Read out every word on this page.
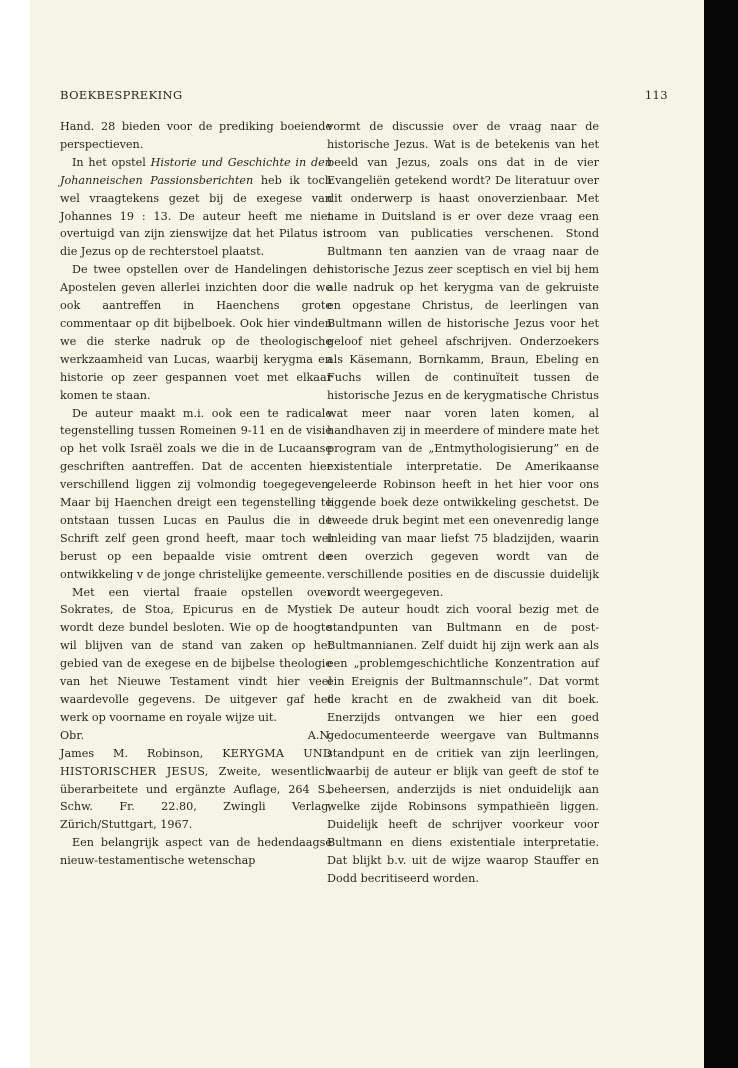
BOEKBESPREKING	113

Hand. 28 bieden voor de prediking boeiende perspectieven.

In het opstel Historie und Geschichte in den Johanneischen Passionsberichten heb ik toch wel vraagtekens gezet bij de exegese van Johannes 19 : 13. De auteur heeft me niet overtuigd van zijn zienswijze dat het Pilatus is die Jezus op de rechterstoel plaatst.

De twee opstellen over de Handelingen der Apostelen geven allerlei inzichten door die we ook aantreffen in Haenchens grote commentaar op dit bijbelboek. Ook hier vinden we die sterke nadruk op de theologische werkzaamheid van Lucas, waarbij kerygma en historie op zeer gespannen voet met elkaar komen te staan.

De auteur maakt m.i. ook een te radicale tegenstelling tussen Romeinen 9-11 en de visie op het volk Israël zoals we die in de Lucaanse geschriften aantreffen. Dat de accenten hier verschillend liggen zij volmondig toegegeven. Maar bij Haenchen dreigt een tegenstelling te ontstaan tussen Lucas en Paulus die in de Schrift zelf geen grond heeft, maar toch wel berust op een bepaalde visie omtrent de ontwikkeling v de jonge christelijke gemeente.

Met een viertal fraaie opstellen over Sokrates, de Stoa, Epicurus en de Mystiek wordt deze bundel besloten. Wie op de hoogte wil blijven van de stand van zaken op het gebied van de exegese en de bijbelse theologie van het Nieuwe Testament vindt hier veel waardevolle gegevens. De uitgever gaf het werk op voorname en royale wijze uit.

Obr.	A.N.

James M. Robinson, KERYGMA UND HISTORISCHER JESUS, Zweite, wesentlich überarbeitete und ergänzte Auflage, 264 S., Schw. Fr. 22.80, Zwingli Verlag, Zürich/Stuttgart, 1967.

Een belangrijk aspect van de hedendaagse nieuw-testamentische wetenschap

vormt de discussie over de vraag naar de historische Jezus. Wat is de betekenis van het beeld van Jezus, zoals ons dat in de vier Evangeliën getekend wordt? De literatuur over dit onderwerp is haast onoverzienbaar. Met name in Duitsland is er over deze vraag een stroom van publicaties verschenen. Stond Bultmann ten aanzien van de vraag naar de historische Jezus zeer sceptisch en viel bij hem alle nadruk op het kerygma van de gekruiste en opgestane Christus, de leerlingen van Bultmann willen de historische Jezus voor het geloof niet geheel afschrijven. Onderzoekers als Käsemann, Bornkamm, Braun, Ebeling en Fuchs willen de continuïteit tussen de historische Jezus en de kerygmatische Christus wat meer naar voren laten komen, al handhaven zij in meerdere of mindere mate het program van de „Entmythologisierung” en de existentiale interpretatie. De Amerikaanse geleerde Robinson heeft in het hier voor ons liggende boek deze ontwikkeling geschetst. De tweede druk begint met een onevenredig lange inleiding van maar liefst 75 bladzijden, waarin een overzich gegeven wordt van de verschillende posities en de discussie duidelijk wordt weergegeven.

De auteur houdt zich vooral bezig met de standpunten van Bultmann en de post-Bultmannianen. Zelf duidt hij zijn werk aan als een „problemgeschichtliche Konzentration auf ein Ereignis der Bultmannschule”. Dat vormt de kracht en de zwakheid van dit boek. Enerzijds ontvangen we hier een goed gedocumenteerde weergave van Bultmanns standpunt en de critiek van zijn leerlingen, waarbij de auteur er blijk van geeft de stof te beheersen, anderzijds is niet onduidelijk aan welke zijde Robinsons sympathieën liggen. Duidelijk heeft de schrijver voorkeur voor Bultmann en diens existentiale interpretatie. Dat blijkt b.v. uit de wijze waarop Stauffer en Dodd becritiseerd worden.
